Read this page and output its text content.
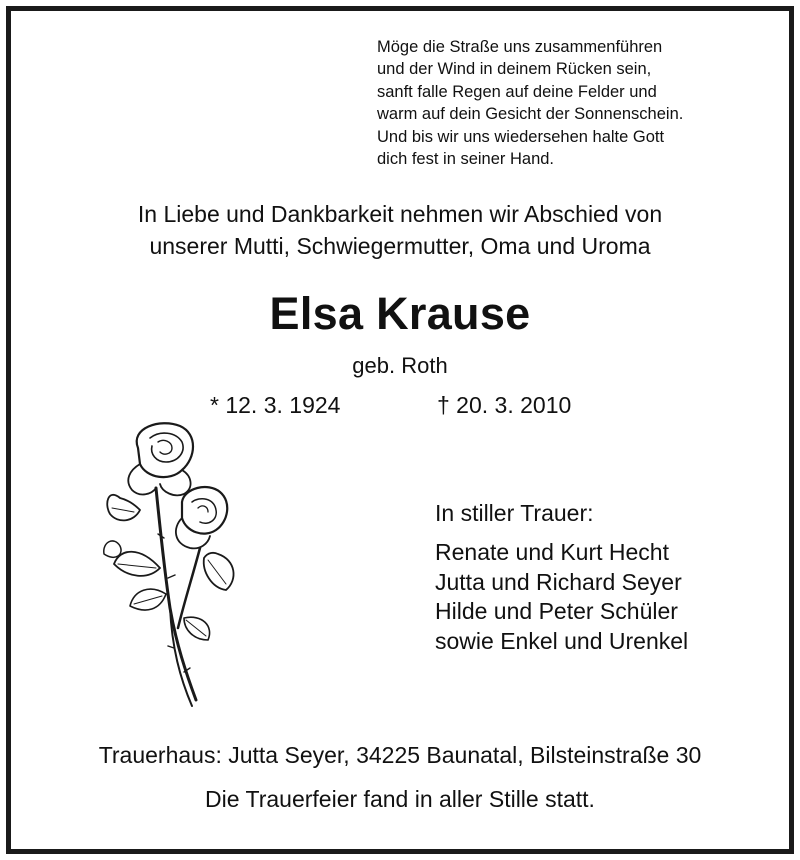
Möge die Straße uns zusammenführen
und der Wind in deinem Rücken sein,
sanft falle Regen auf deine Felder und
warm auf dein Gesicht der Sonnenschein.
Und bis wir uns wiedersehen halte Gott
dich fest in seiner Hand.
In Liebe und Dankbarkeit nehmen wir Abschied von
unserer Mutti, Schwiegermutter, Oma und Uroma
Elsa Krause
geb. Roth
* 12. 3. 1924	† 20. 3. 2010
In stiller Trauer:
Renate und Kurt Hecht
Jutta und Richard Seyer
Hilde und Peter Schüler
sowie Enkel und Urenkel
Trauerhaus: Jutta Seyer, 34225 Baunatal, Bilsteinstraße 30
Die Trauerfeier fand in aller Stille statt.
